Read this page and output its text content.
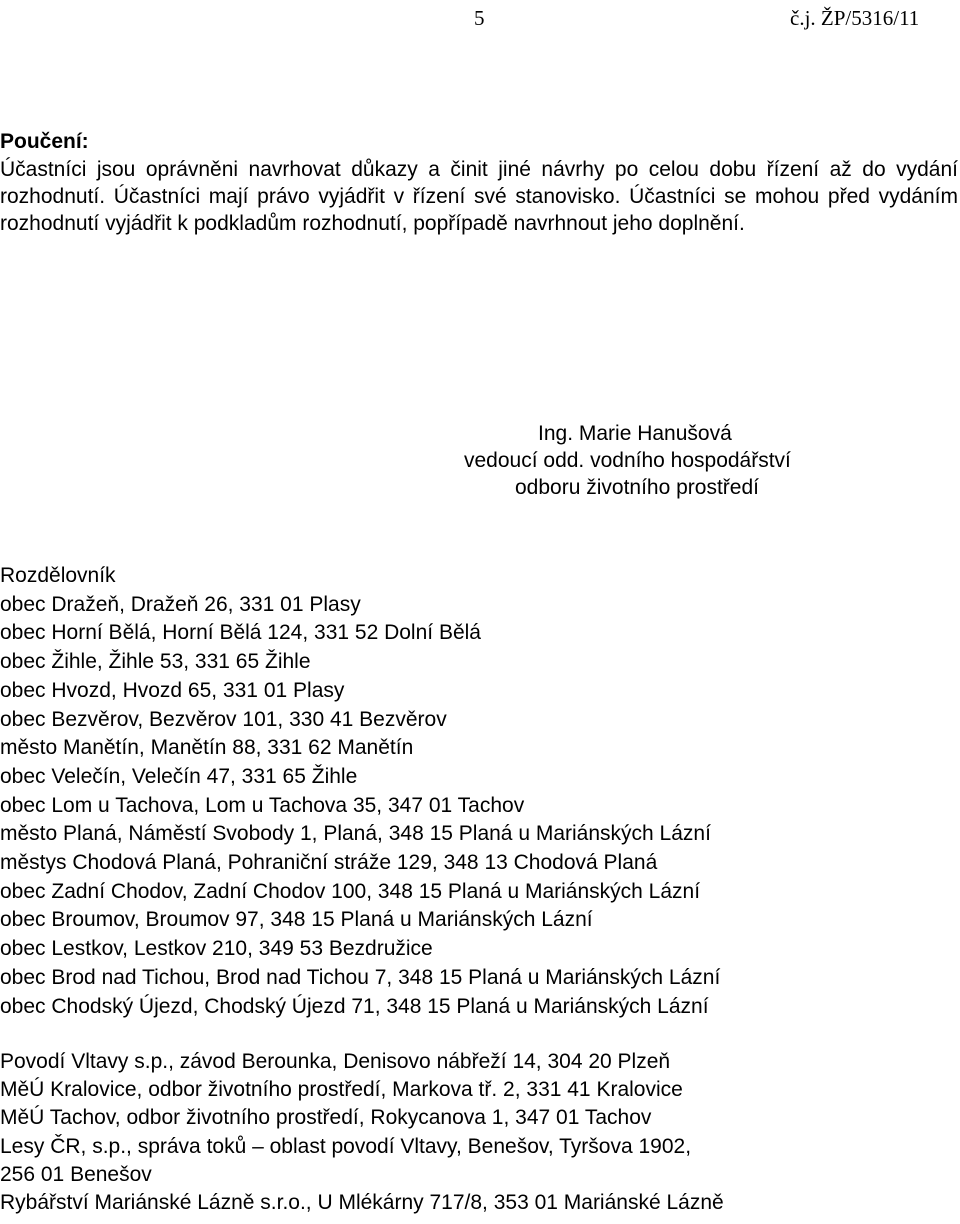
5	č.j. ŽP/5316/11

Poučení:

Účastníci jsou oprávněni navrhovat důkazy a činit jiné návrhy po celou dobu řízení až do vydání rozhodnutí. Účastníci mají právo vyjádřit v řízení své stanovisko. Účastníci se mohou před vydáním rozhodnutí vyjádřit k podkladům rozhodnutí, popřípadě navrhnout jeho doplnění.

Ing. Marie Hanušová
vedoucí odd. vodního hospodářství
odboru životního prostředí
Rozdělovník
obec Dražeň, Dražeň 26, 331 01 Plasy
obec Horní Bělá, Horní Bělá 124, 331 52 Dolní Bělá
obec Žihle, Žihle 53, 331 65 Žihle
obec Hvozd, Hvozd 65, 331 01 Plasy
obec Bezvěrov, Bezvěrov 101, 330 41 Bezvěrov
město Manětín, Manětín 88, 331 62 Manětín
obec Velečín, Velečín 47, 331 65 Žihle
obec Lom u Tachova, Lom u Tachova 35, 347 01 Tachov
město Planá, Náměstí Svobody 1, Planá, 348 15 Planá u Mariánských Lázní
městys Chodová Planá, Pohraniční stráže 129, 348 13 Chodová Planá
obec Zadní Chodov, Zadní Chodov 100, 348 15 Planá u Mariánských Lázní
obec Broumov, Broumov 97, 348 15 Planá u Mariánských Lázní
obec Lestkov, Lestkov 210, 349 53 Bezdružice
obec Brod nad Tichou, Brod nad Tichou 7, 348 15 Planá u Mariánských Lázní
obec Chodský Újezd, Chodský Újezd 71, 348 15 Planá u Mariánských Lázní
Povodí Vltavy s.p., závod Berounka, Denisovo nábřeží 14, 304 20 Plzeň
MěÚ Kralovice, odbor životního prostředí, Markova tř. 2, 331 41 Kralovice
MěÚ Tachov, odbor životního prostředí, Rokycanova 1, 347 01 Tachov
Lesy ČR, s.p., správa toků – oblast povodí Vltavy, Benešov, Tyršova 1902,
256 01 Benešov
Rybářství Mariánské Lázně s.r.o., U Mlékárny 717/8, 353 01 Mariánské Lázně
